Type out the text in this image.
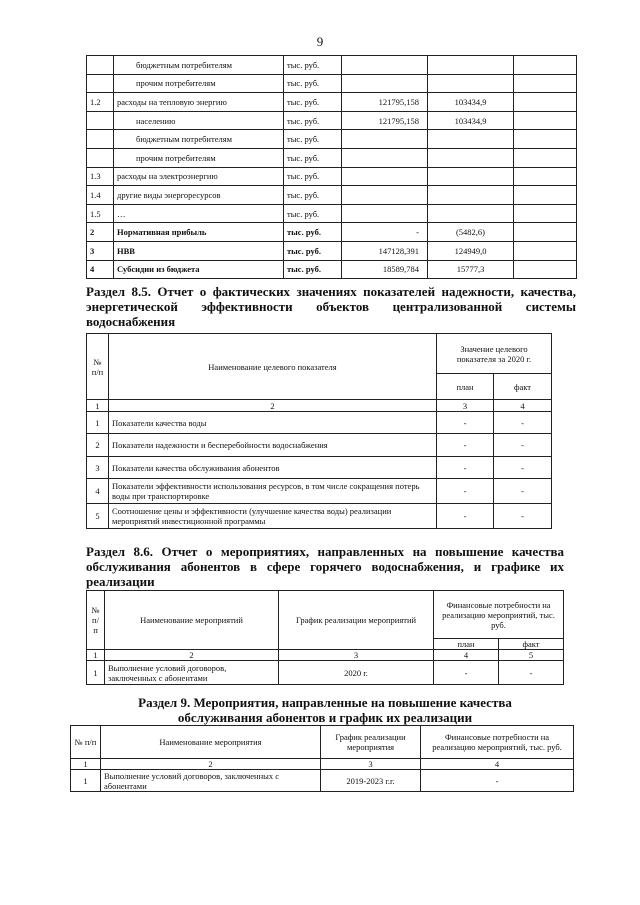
9
	бюджетным потребителям	тыс. руб.			
	прочим потребителям	тыс. руб.			
1.2	расходы на тепловую энергию	тыс. руб.	121795,158	103434,9	
	населению	тыс. руб.	121795,158	103434,9	
	бюджетным потребителям	тыс. руб.			
	прочим потребителям	тыс. руб.			
1.3	расходы на электроэнергию	тыс. руб.			
1.4	другие виды энергоресурсов	тыс. руб.			
1.5	…	тыс. руб.			
2	Нормативная прибыль	тыс. руб.	-	(5482,6)	
3	НВВ	тыс. руб.	147128,391	124949,0	
4	Субсидии из бюджета	тыс. руб.	18589,784	15777,3	
Раздел 8.5. Отчет о фактических значениях показателей надежности, качества, энергетической эффективности объектов централизованной системы водоснабжения
№ п/п	Наименование целевого показателя	Значение целевого показателя за 2020 г.	
		план	факт
1	2	3	4
1	Показатели качества воды	-	-
2	Показатели надежности и бесперебойности водоснабжения	-	-
3	Показатели качества обслуживания абонентов	-	-
4	Показатели эффективности использования ресурсов, в том числе сокращения потерь воды при транспортировке	-	-
5	Соотношение цены и эффективности (улучшение качества воды) реализации мероприятий инвестиционной программы	-	-
Раздел 8.6. Отчет о мероприятиях, направленных на повышение качества обслуживания абонентов в сфере горячего водоснабжения, и графике их реализации
№ п/п	Наименование мероприятий	График реализации мероприятий	Финансовые потребности на реализацию мероприятий, тыс. руб.	
			план	факт
1	2	3	4	5
1	Выполнение условий договоров, заключенных с абонентами	2020 г.	-	-
Раздел 9. Мероприятия, направленные на повышение качества обслуживания абонентов и график их реализации
№ п/п	Наименование мероприятия	График реализации мероприятия	Финансовые потребности на реализацию мероприятий, тыс. руб.
1	2	3	4
1	Выполнение условий договоров, заключенных с абонентами	2019-2023 г.г.	-
